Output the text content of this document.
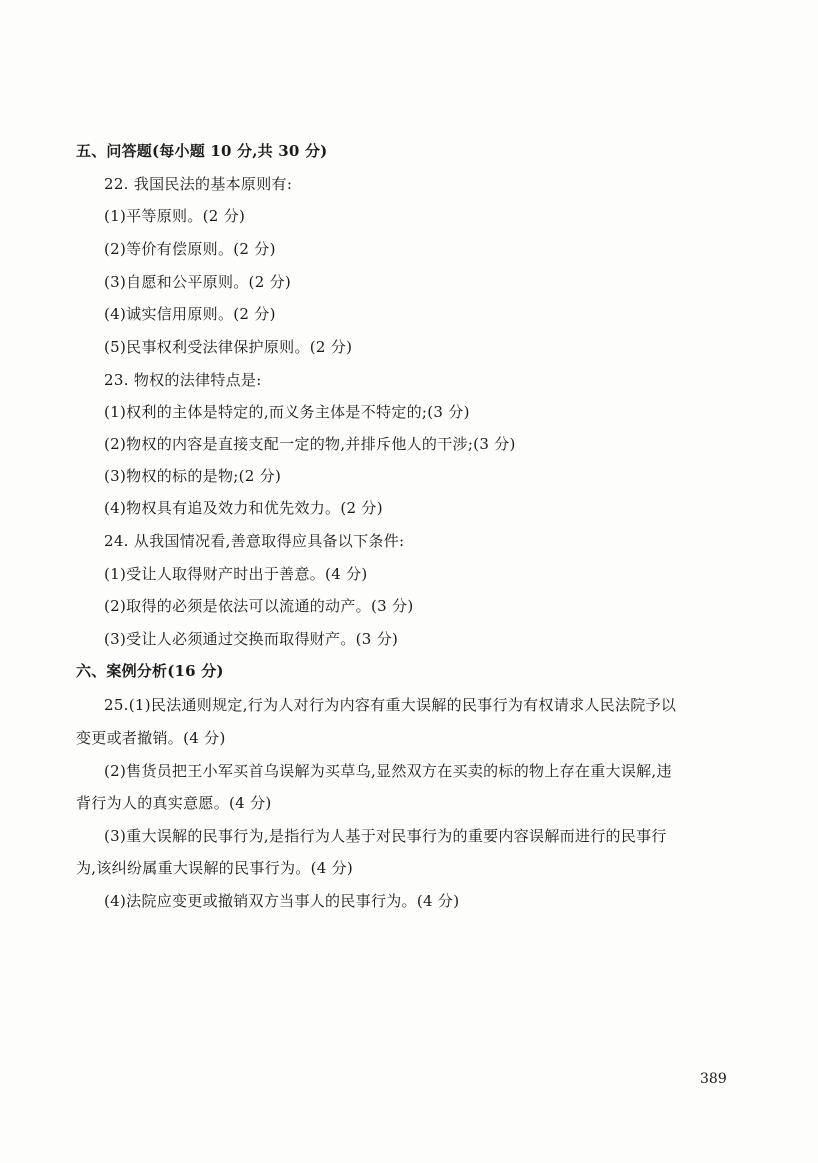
五、问答题(每小题 10 分,共 30 分)
22. 我国民法的基本原则有:
(1)平等原则。(2 分)
(2)等价有偿原则。(2 分)
(3)自愿和公平原则。(2 分)
(4)诚实信用原则。(2 分)
(5)民事权利受法律保护原则。(2 分)
23. 物权的法律特点是:
(1)权利的主体是特定的,而义务主体是不特定的;(3 分)
(2)物权的内容是直接支配一定的物,并排斥他人的干涉;(3 分)
(3)物权的标的是物;(2 分)
(4)物权具有追及效力和优先效力。(2 分)
24. 从我国情况看,善意取得应具备以下条件:
(1)受让人取得财产时出于善意。(4 分)
(2)取得的必须是依法可以流通的动产。(3 分)
(3)受让人必须通过交换而取得财产。(3 分)
六、案例分析(16 分)
25.(1)民法通则规定,行为人对行为内容有重大误解的民事行为有权请求人民法院予以
变更或者撤销。(4 分)
(2)售货员把王小军买首乌误解为买草乌,显然双方在买卖的标的物上存在重大误解,违
背行为人的真实意愿。(4 分)
(3)重大误解的民事行为,是指行为人基于对民事行为的重要内容误解而进行的民事行
为,该纠纷属重大误解的民事行为。(4 分)
(4)法院应变更或撤销双方当事人的民事行为。(4 分)
389
